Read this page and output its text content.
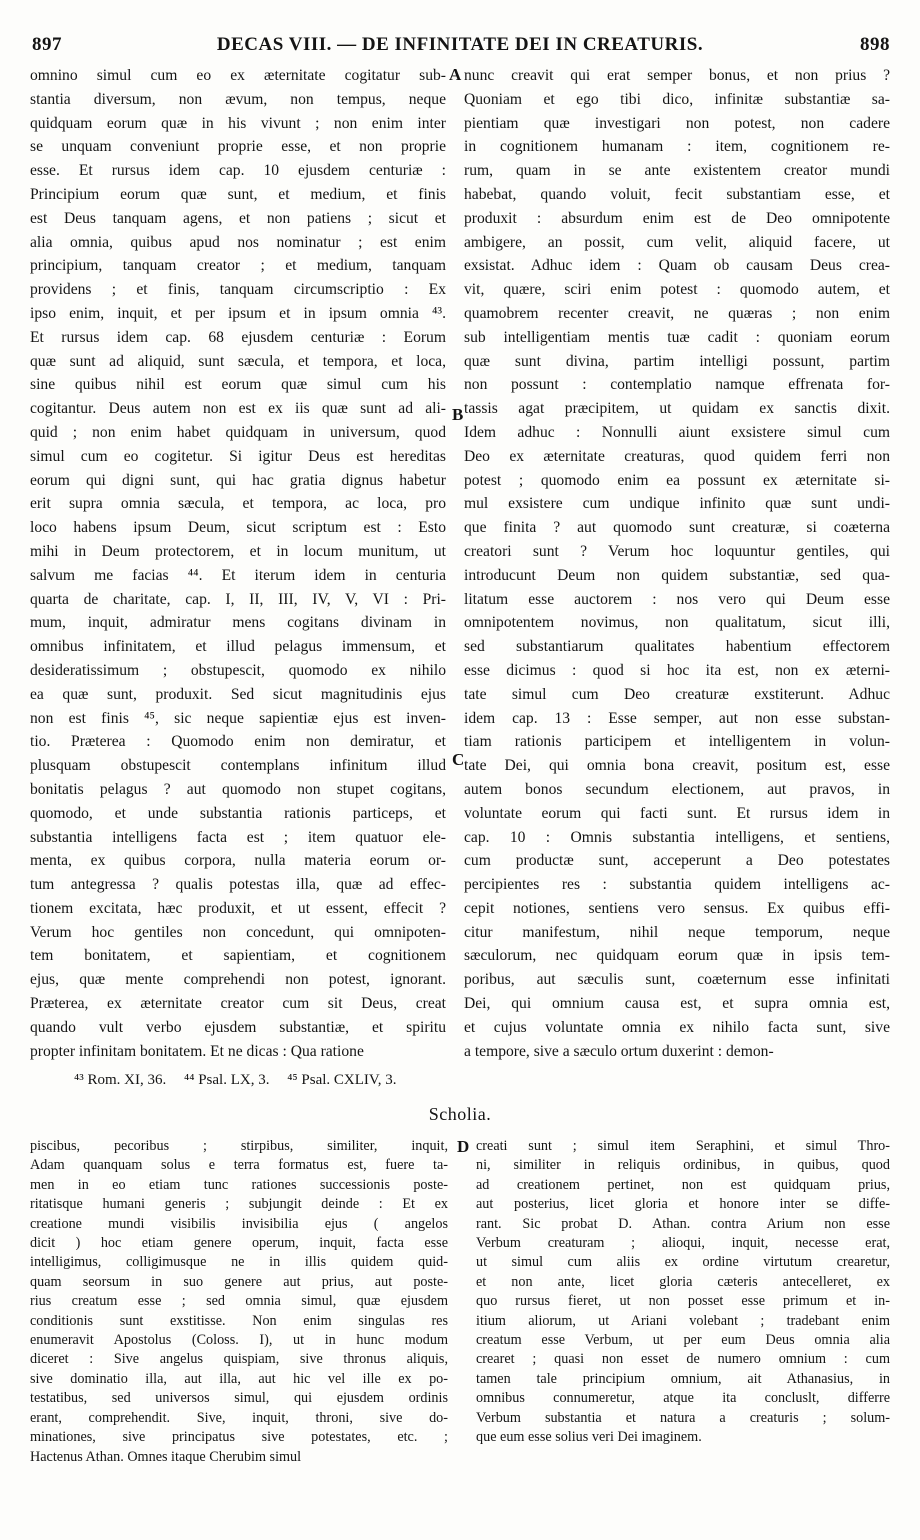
897	DECAS VIII. — DE INFINITATE DEI IN CREATURIS.	898
omnino simul cum eo ex æternitate cogitatur sub-
stantia diversum, non ævum, non tempus, neque
quidquam eorum quæ in his vivunt ; non enim inter
se unquam conveniunt proprie esse, et non proprie
esse. Et rursus idem cap. 10 ejusdem centuriæ :
Principium eorum quæ sunt, et medium, et finis
est Deus tanquam agens, et non patiens ; sicut et
alia omnia, quibus apud nos nominatur ; est enim
principium, tanquam creator ; et medium, tanquam
providens ; et finis, tanquam circumscriptio : Ex
ipso enim, inquit, et per ipsum et in ipsum omnia ⁴³.
Et rursus idem cap. 68 ejusdem centuriæ : Eorum
quæ sunt ad aliquid, sunt sæcula, et tempora, et loca,
sine quibus nihil est eorum quæ simul cum his
cogitantur. Deus autem non est ex iis quæ sunt ad ali-
quid ; non enim habet quidquam in universum, quod
simul cum eo cogitetur. Si igitur Deus est hereditas
eorum qui digni sunt, qui hac gratia dignus habetur
erit supra omnia sæcula, et tempora, ac loca, pro
loco habens ipsum Deum, sicut scriptum est : Esto
mihi in Deum protectorem, et in locum munitum, ut
salvum me facias ⁴⁴. Et iterum idem in centuria
quarta de charitate, cap. I, II, III, IV, V, VI : Pri-
mum, inquit, admiratur mens cogitans divinam in
omnibus infinitatem, et illud pelagus immensum, et
desideratissimum ; obstupescit, quomodo ex nihilo
ea quæ sunt, produxit. Sed sicut magnitudinis ejus
non est finis ⁴⁵, sic neque sapientiæ ejus est inven-
tio. Præterea : Quomodo enim non demiratur, et
plusquam obstupescit contemplans infinitum illud
bonitatis pelagus ? aut quomodo non stupet cogitans,
quomodo, et unde substantia rationis particeps, et
substantia intelligens facta est ; item quatuor ele-
menta, ex quibus corpora, nulla materia eorum or-
tum antegressa ? qualis potestas illa, quæ ad effec-
tionem excitata, hæc produxit, et ut essent, effecit ?
Verum hoc gentiles non concedunt, qui omnipoten-
tem bonitatem, et sapientiam, et cognitionem
ejus, quæ mente comprehendi non potest, ignorant.
Præterea, ex æternitate creator cum sit Deus, creat
quando vult verbo ejusdem substantiæ, et spiritu
propter infinitam bonitatem. Et ne dicas : Qua ratione
nunc creavit qui erat semper bonus, et non prius ?
Quoniam et ego tibi dico, infinitæ substantiæ sa-
pientiam quæ investigari non potest, non cadere
in cognitionem humanam : item, cognitionem re-
rum, quam in se ante existentem creator mundi
habebat, quando voluit, fecit substantiam esse, et
produxit : absurdum enim est de Deo omnipotente
ambigere, an possit, cum velit, aliquid facere, ut
exsistat. Adhuc idem : Quam ob causam Deus crea-
vit, quære, sciri enim potest : quomodo autem, et
quamobrem recenter creavit, ne quæras ; non enim
sub intelligentiam mentis tuæ cadit : quoniam eorum
quæ sunt divina, partim intelligi possunt, partim
non possunt : contemplatio namque effrenata for-
tassis agat præcipitem, ut quidam ex sanctis dixit.
Idem adhuc : Nonnulli aiunt exsistere simul cum
Deo ex æternitate creaturas, quod quidem ferri non
potest ; quomodo enim ea possunt ex æternitate si-
mul exsistere cum undique infinito quæ sunt undi-
que finita ? aut quomodo sunt creaturæ, si coæterna
creatori sunt ? Verum hoc loquuntur gentiles, qui
introducunt Deum non quidem substantiæ, sed qua-
litatum esse auctorem : nos vero qui Deum esse
omnipotentem novimus, non qualitatum, sicut illi,
sed substantiarum qualitates habentium effectorem
esse dicimus : quod si hoc ita est, non ex æterni-
tate simul cum Deo creaturæ exstiterunt. Adhuc
idem cap. 13 : Esse semper, aut non esse substan-
tiam rationis participem et intelligentem in volun-
tate Dei, qui omnia bona creavit, positum est, esse
autem bonos secundum electionem, aut pravos, in
voluntate eorum qui facti sunt. Et rursus idem in
cap. 10 : Omnis substantia intelligens, et sentiens,
cum productæ sunt, acceperunt a Deo potestates
percipientes res : substantia quidem intelligens ac-
cepit notiones, sentiens vero sensus. Ex quibus effi-
citur manifestum, nihil neque temporum, neque
sæculorum, nec quidquam eorum quæ in ipsis tem-
poribus, aut sæculis sunt, coæternum esse infinitati
Dei, qui omnium causa est, et supra omnia est,
et cujus voluntate omnia ex nihilo facta sunt, sive
a tempore, sive a sæculo ortum duxerint : demon-
A
B
C
D
⁴³ Rom. XI, 36. ⁴⁴ Psal. LX, 3. ⁴⁵ Psal. CXLIV, 3.
Scholia.
piscibus, pecoribus ; stirpibus, similiter, inquit,
Adam quanquam solus e terra formatus est, fuere ta-
men in eo etiam tunc rationes successionis poste-
ritatisque humani generis ; subjungit deinde : Et ex
creatione mundi visibilis invisibilia ejus ( angelos
dicit ) hoc etiam genere operum, inquit, facta esse
intelligimus, colligimusque ne in illis quidem quid-
quam seorsum in suo genere aut prius, aut poste-
rius creatum esse ; sed omnia simul, quæ ejusdem
conditionis sunt exstitisse. Non enim singulas res
enumeravit Apostolus (Coloss. I), ut in hunc modum
diceret : Sive angelus quispiam, sive thronus aliquis,
sive dominatio illa, aut illa, aut hic vel ille ex po-
testatibus, sed universos simul, qui ejusdem ordinis
erant, comprehendit. Sive, inquit, throni, sive do-
minationes, sive principatus sive potestates, etc. ;
Hactenus Athan. Omnes itaque Cherubim simul
creati sunt ; simul item Seraphini, et simul Thro-
ni, similiter in reliquis ordinibus, in quibus, quod
ad creationem pertinet, non est quidquam prius,
aut posterius, licet gloria et honore inter se diffe-
rant. Sic probat D. Athan. contra Arium non esse
Verbum creaturam ; alioqui, inquit, necesse erat,
ut simul cum aliis ex ordine virtutum crearetur,
et non ante, licet gloria cæteris antecelleret, ex
quo rursus fieret, ut non posset esse primum et in-
itium aliorum, ut Ariani volebant ; tradebant enim
creatum esse Verbum, ut per eum Deus omnia alia
crearet ; quasi non esset de numero omnium : cum
tamen tale principium omnium, ait Athanasius, in
omnibus connumeretur, atque ita concluslt, differre
Verbum substantia et natura a creaturis ; solum-
que eum esse solius veri Dei imaginem.
